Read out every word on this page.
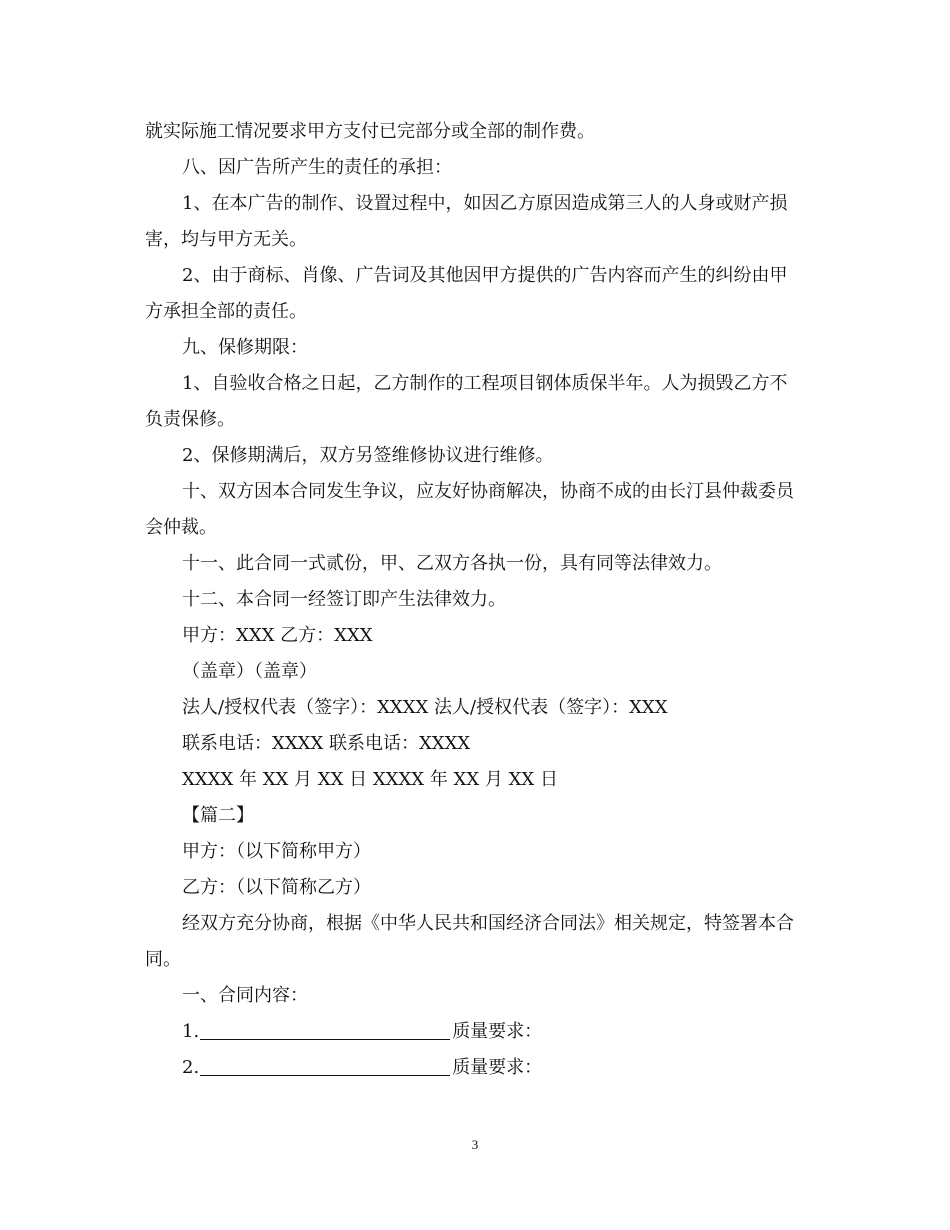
就实际施工情况要求甲方支付已完部分或全部的制作费。

八、因广告所产生的责任的承担：

1、在本广告的制作、设置过程中，如因乙方原因造成第三人的人身或财产损害，均与甲方无关。

2、由于商标、肖像、广告词及其他因甲方提供的广告内容而产生的纠纷由甲方承担全部的责任。

九、保修期限：

1、自验收合格之日起，乙方制作的工程项目钢体质保半年。人为损毁乙方不负责保修。

2、保修期满后，双方另签维修协议进行维修。

十、双方因本合同发生争议，应友好协商解决，协商不成的由长汀县仲裁委员会仲裁。

十一、此合同一式贰份，甲、乙双方各执一份，具有同等法律效力。

十二、本合同一经签订即产生法律效力。

甲方：XXX 乙方：XXX

（盖章）（盖章）

法人/授权代表（签字）：XXXX 法人/授权代表（签字）：XXX

联系电话：XXXX 联系电话：XXXX

XXXX 年 XX 月 XX 日 XXXX 年 XX 月 XX 日

【篇二】

甲方：（以下简称甲方）

乙方：（以下简称乙方）

经双方充分协商，根据《中华人民共和国经济合同法》相关规定，特签署本合同。

一、合同内容：

1.	质量要求：

2.	质量要求：

3
